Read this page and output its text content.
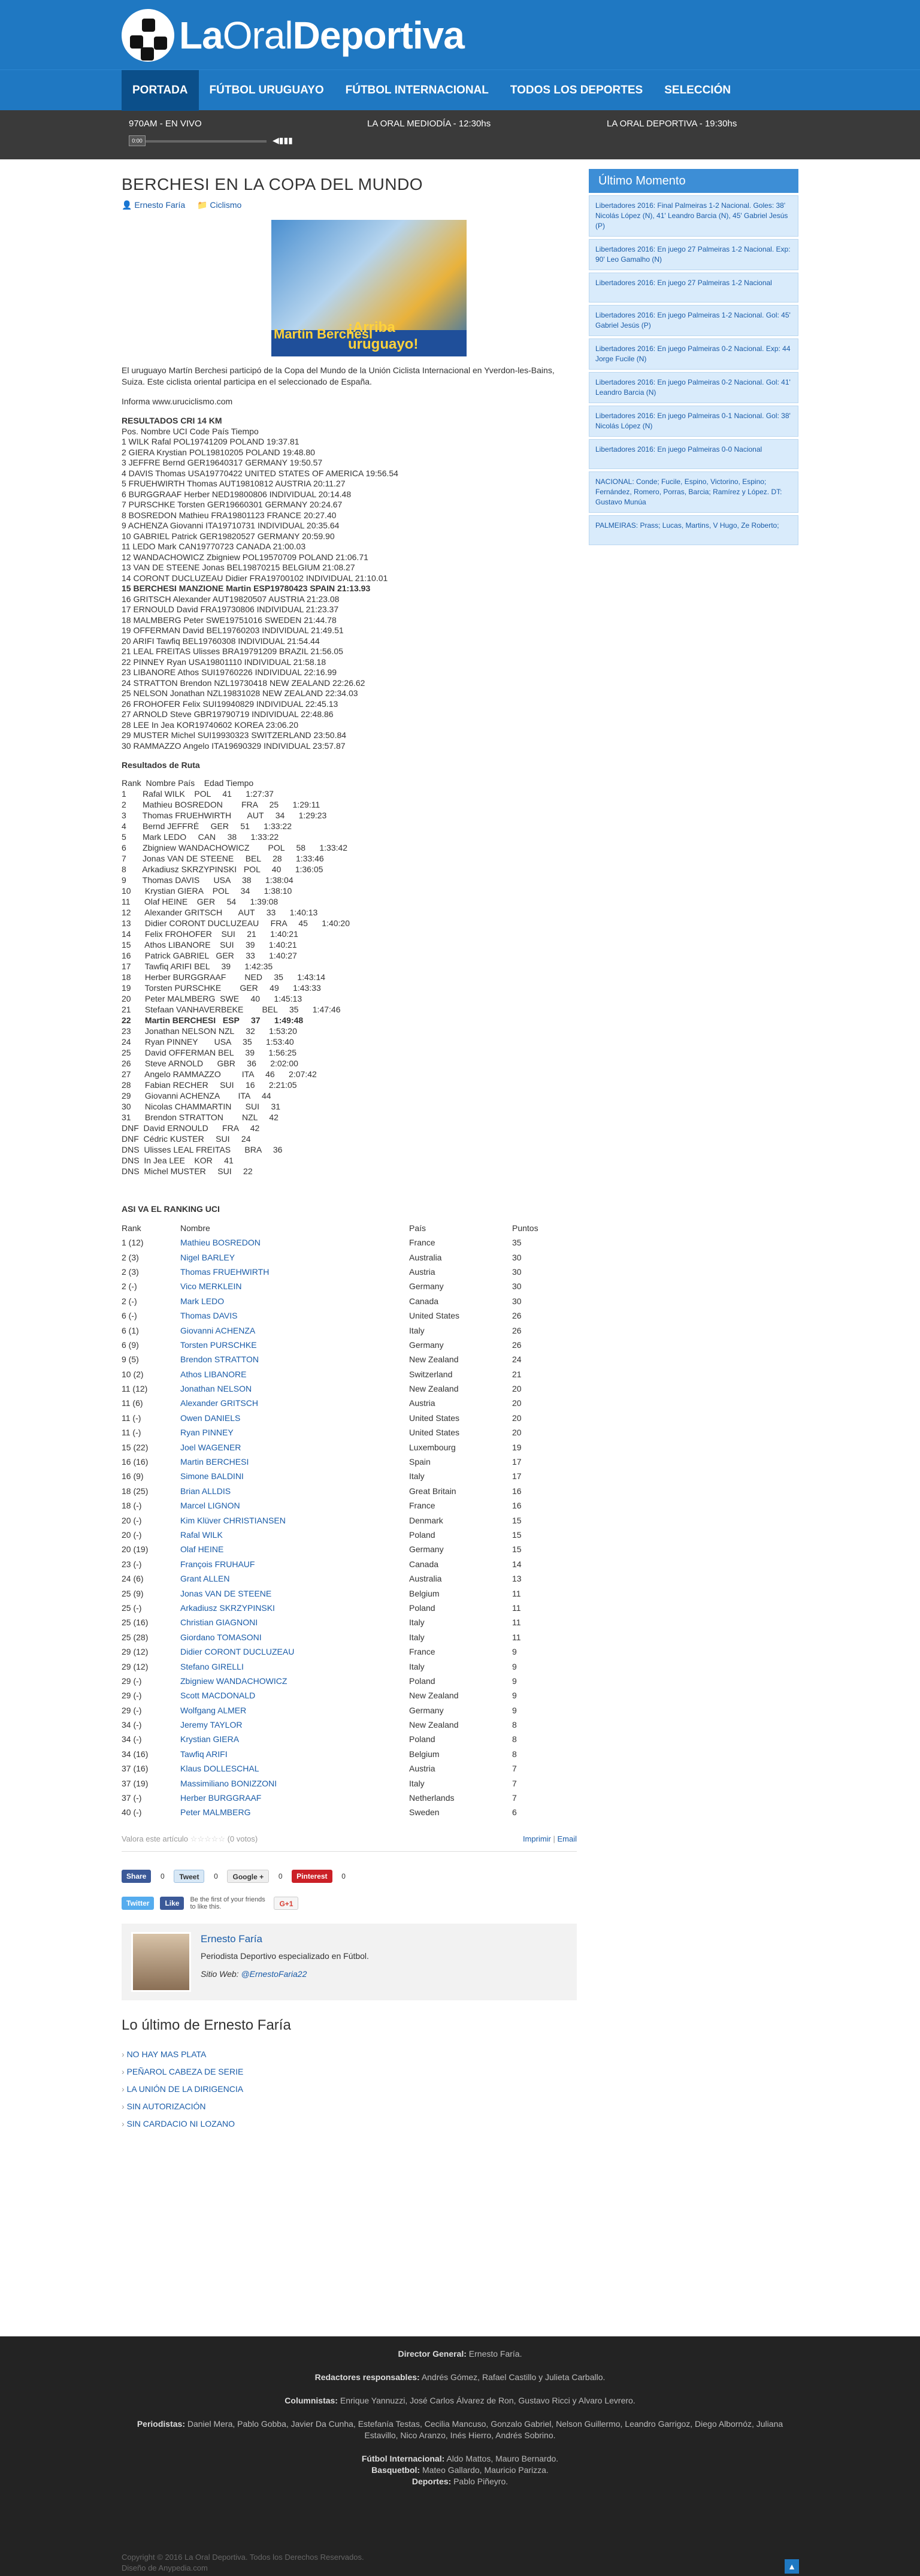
LaOralDeportiva
PORTADA	FÚTBOL URUGUAYO	FÚTBOL INTERNACIONAL	TODOS LOS DEPORTES	SELECCIÓN
970AM - EN VIVO
0:00	◀▮▮▮
LA ORAL MEDIODÍA - 12:30hs	LA ORAL DEPORTIVA - 19:30hs
BERCHESI EN LA COPA DEL MUNDO
👤 Ernesto Faría 📁 Ciclismo
Martín Berchesi
¡Arriba uruguayo!

El uruguayo Martín Berchesi participó de la Copa del Mundo de la Unión Ciclista Internacional en Yverdon-les-Bains, Suiza. Este ciclista oriental participa en el seleccionado de España.

Informa www.uruciclismo.com

RESULTADOS CRI 14 KM
Pos. Nombre UCI Code País Tiempo
1 WILK Rafal POL19741209 POLAND 19:37.81
2 GIERA Krystian POL19810205 POLAND 19:48.80
3 JEFFRE Bernd GER19640317 GERMANY 19:50.57
4 DAVIS Thomas USA19770422 UNITED STATES OF AMERICA 19:56.54
5 FRUEHWIRTH Thomas AUT19810812 AUSTRIA 20:11.27
6 BURGGRAAF Herber NED19800806 INDIVIDUAL 20:14.48
7 PURSCHKE Torsten GER19660301 GERMANY 20:24.67
8 BOSREDON Mathieu FRA19801123 FRANCE 20:27.40
9 ACHENZA Giovanni ITA19710731 INDIVIDUAL 20:35.64
10 GABRIEL Patrick GER19820527 GERMANY 20:59.90
11 LEDO Mark CAN19770723 CANADA 21:00.03
12 WANDACHOWICZ Zbigniew POL19570709 POLAND 21:06.71
13 VAN DE STEENE Jonas BEL19870215 BELGIUM 21:08.27
14 CORONT DUCLUZEAU Didier FRA19700102 INDIVIDUAL 21:10.01
15 BERCHESI MANZIONE Martin ESP19780423 SPAIN 21:13.93
16 GRITSCH Alexander AUT19820507 AUSTRIA 21:23.08
17 ERNOULD David FRA19730806 INDIVIDUAL 21:23.37
18 MALMBERG Peter SWE19751016 SWEDEN 21:44.78
19 OFFERMAN David BEL19760203 INDIVIDUAL 21:49.51
20 ARIFI Tawfiq BEL19760308 INDIVIDUAL 21:54.44
21 LEAL FREITAS Ulisses BRA19791209 BRAZIL 21:56.05
22 PINNEY Ryan USA19801110 INDIVIDUAL 21:58.18
23 LIBANORE Athos SUI19760226 INDIVIDUAL 22:16.99
24 STRATTON Brendon NZL19730418 NEW ZEALAND 22:26.62
25 NELSON Jonathan NZL19831028 NEW ZEALAND 22:34.03
26 FROHOFER Felix SUI19940829 INDIVIDUAL 22:45.13
27 ARNOLD Steve GBR19790719 INDIVIDUAL 22:48.86
28 LEE In Jea KOR19740602 KOREA 23:06.20
29 MUSTER Michel SUI19930323 SWITZERLAND 23:50.84
30 RAMMAZZO Angelo ITA19690329 INDIVIDUAL 23:57.87
Resultados de Ruta
Rank  Nombre País    Edad Tiempo
1       Rafal WILK    POL     41      1:27:37
2       Mathieu BOSREDON        FRA     25      1:29:11
3       Thomas FRUEHWIRTH       AUT     34      1:29:23
4       Bernd JEFFRÉ     GER     51      1:33:22
5       Mark LEDO     CAN     38      1:33:22
6       Zbigniew WANDACHOWICZ        POL     58      1:33:42
7       Jonas VAN DE STEENE     BEL     28      1:33:46
8       Arkadiusz SKRZYPINSKI   POL     40      1:36:05
9       Thomas DAVIS      USA     38      1:38:04
10      Krystian GIERA    POL     34      1:38:10
11      Olaf HEINE    GER     54      1:39:08
12      Alexander GRITSCH       AUT     33      1:40:13
13      Didier CORONT DUCLUZEAU     FRA     45      1:40:20
14      Felix FROHOFER    SUI     21      1:40:21
15      Athos LIBANORE    SUI     39      1:40:21
16      Patrick GABRIEL   GER     33      1:40:27
17      Tawfiq ARIFI BEL     39      1:42:35
18      Herber BURGGRAAF        NED     35      1:43:14
19      Torsten PURSCHKE        GER     49      1:43:33
20      Peter MALMBERG  SWE     40      1:45:13
21      Stefaan VANHAVERBEKE        BEL     35      1:47:46
22      Martin BERCHESI   ESP     37      1:49:48
23      Jonathan NELSON NZL     32      1:53:20
24      Ryan PINNEY       USA     35      1:53:40
25      David OFFERMAN BEL     39      1:56:25
26      Steve ARNOLD      GBR     36      2:02:00
27      Angelo RAMMAZZO         ITA     46      2:07:42
28      Fabian RECHER     SUI     16      2:21:05
29      Giovanni ACHENZA        ITA     44
30      Nicolas CHAMMARTIN      SUI     31
31      Brendon STRATTON        NZL     42
DNF  David ERNOULD      FRA     42
DNF  Cédric KUSTER     SUI     24
DNS  Ulisses LEAL FREITAS      BRA     36
DNS  In Jea LEE    KOR     41
DNS  Michel MUSTER     SUI     22
ASI VA EL RANKING UCI
Rank	Nombre	País	Puntos
1 (12)	Mathieu BOSREDON	France	35
2 (3)	Nigel BARLEY	Australia	30
2 (3)	Thomas FRUEHWIRTH	Austria	30
2 (-)	Vico MERKLEIN	Germany	30
2 (-)	Mark LEDO	Canada	30
6 (-)	Thomas DAVIS	United States	26
6 (1)	Giovanni ACHENZA	Italy	26
6 (9)	Torsten PURSCHKE	Germany	26
9 (5)	Brendon STRATTON	New Zealand	24
10 (2)	Athos LIBANORE	Switzerland	21
11 (12)	Jonathan NELSON	New Zealand	20
11 (6)	Alexander GRITSCH	Austria	20
11 (-)	Owen DANIELS	United States	20
11 (-)	Ryan PINNEY	United States	20
15 (22)	Joel WAGENER	Luxembourg	19
16 (16)	Martin BERCHESI	Spain	17
16 (9)	Simone BALDINI	Italy	17
18 (25)	Brian ALLDIS	Great Britain	16
18 (-)	Marcel LIGNON	France	16
20 (-)	Kim Klüver CHRISTIANSEN	Denmark	15
20 (-)	Rafal WILK	Poland	15
20 (19)	Olaf HEINE	Germany	15
23 (-)	François FRUHAUF	Canada	14
24 (6)	Grant ALLEN	Australia	13
25 (9)	Jonas VAN DE STEENE	Belgium	11
25 (-)	Arkadiusz SKRZYPINSKI	Poland	11
25 (16)	Christian GIAGNONI	Italy	11
25 (28)	Giordano TOMASONI	Italy	11
29 (12)	Didier CORONT DUCLUZEAU	France	9
29 (12)	Stefano GIRELLI	Italy	9
29 (-)	Zbigniew WANDACHOWICZ	Poland	9
29 (-)	Scott MACDONALD	New Zealand	9
29 (-)	Wolfgang ALMER	Germany	9
34 (-)	Jeremy TAYLOR	New Zealand	8
34 (-)	Krystian GIERA	Poland	8
34 (16)	Tawfiq ARIFI	Belgium	8
37 (16)	Klaus DOLLESCHAL	Austria	7
37 (19)	Massimiliano BONIZZONI	Italy	7
37 (-)	Herber BURGGRAAF	Netherlands	7
40 (-)	Peter MALMBERG	Sweden	6
Valora este artículo ☆☆☆☆☆ (0 votos)	Imprimir | Email
Share	0	Tweet	0	Google +	0	Pinterest	0
Twitter	Like	Be the first of your friends to like this.	G+1
Ernesto Faría
Periodista Deportivo especializado en Fútbol.
Sitio Web: @ErnestoFaria22
Lo último de Ernesto Faría
› NO HAY MAS PLATA
› PEÑAROL CABEZA DE SERIE
› LA UNIÓN DE LA DIRIGENCIA
› SIN AUTORIZACIÓN
› SIN CARDACIO NI LOZANO
Último Momento
Libertadores 2016: Final Palmeiras 1-2 Nacional. Goles: 38' Nicolás López (N), 41' Leandro Barcia (N), 45' Gabriel Jesús (P)
Libertadores 2016: En juego 27 Palmeiras 1-2 Nacional. Exp: 90' Leo Gamalho (N)
Libertadores 2016: En juego 27 Palmeiras 1-2 Nacional
Libertadores 2016: En juego Palmeiras 1-2 Nacional. Gol: 45' Gabriel Jesús (P)
Libertadores 2016: En juego Palmeiras 0-2 Nacional. Exp: 44 Jorge Fucile (N)
Libertadores 2016: En juego Palmeiras 0-2 Nacional. Gol: 41' Leandro Barcia (N)
Libertadores 2016: En juego Palmeiras 0-1 Nacional. Gol: 38' Nicolás López (N)
Libertadores 2016: En juego Palmeiras 0-0 Nacional
NACIONAL: Conde; Fucile, Espino, Victorino, Espino; Fernández, Romero, Porras, Barcia; Ramírez y López. DT: Gustavo Munúa
PALMEIRAS: Prass; Lucas, Martins, V Hugo, Ze Roberto;

Director General: Ernesto Faría.

Redactores responsables: Andrés Gómez, Rafael Castillo y Julieta Carballo.

Columnistas: Enrique Yannuzzi, José Carlos Álvarez de Ron, Gustavo Ricci y Alvaro Levrero.

Periodistas: Daniel Mera, Pablo Gobba, Javier Da Cunha, Estefanía Testas, Cecilia Mancuso, Gonzalo Gabriel, Nelson Guillermo, Leandro Garrigoz, Diego Albornóz, Juliana Estavillo, Nico Aranzo, Inés Hierro, Andrés Sobrino.

Fútbol Internacional: Aldo Mattos, Mauro Bernardo.

Basquetbol: Mateo Gallardo, Mauricio Parizza.

Deportes: Pablo Piñeyro.

Copyright © 2016 La Oral Deportiva. Todos los Derechos Reservados.
Diseño de Anypedia.com	▲
